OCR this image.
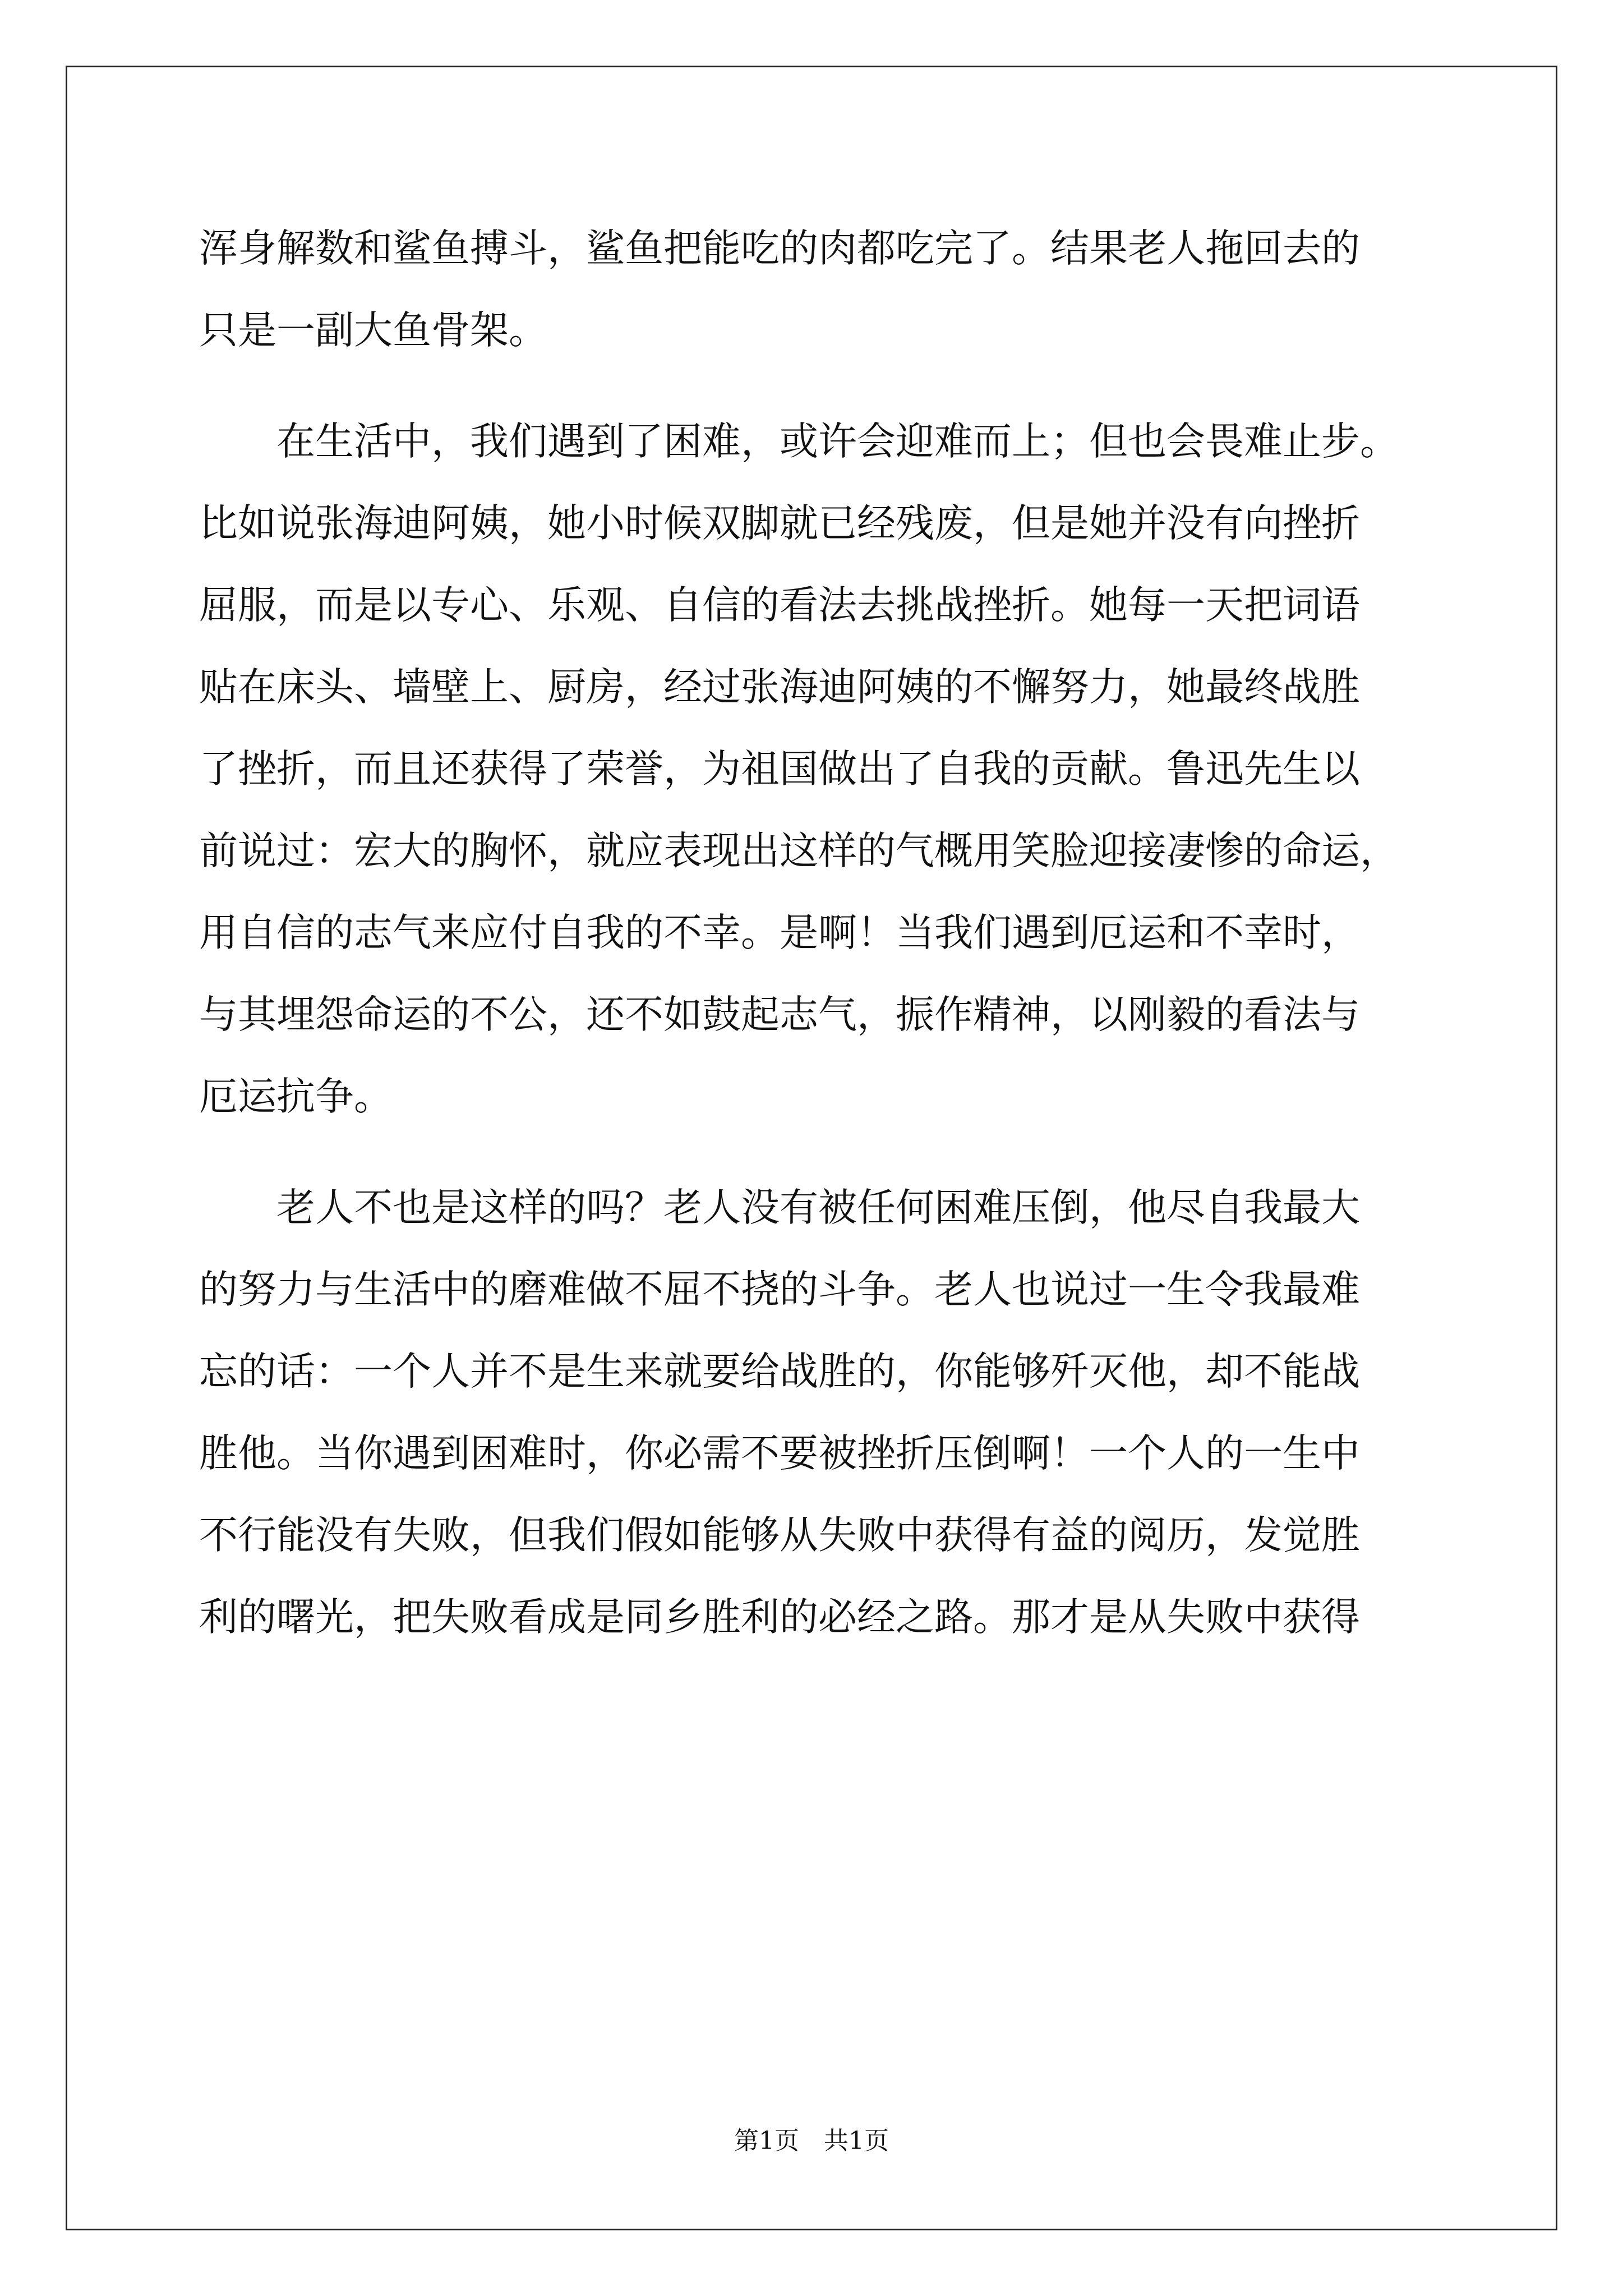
浑身解数和鲨鱼搏斗，鲨鱼把能吃的肉都吃完了。结果老人拖回去的

只是一副大鱼骨架。

在生活中，我们遇到了困难，或许会迎难而上；但也会畏难止步。

比如说张海迪阿姨，她小时候双脚就已经残废，但是她并没有向挫折

屈服，而是以专心、乐观、自信的看法去挑战挫折。她每一天把词语

贴在床头、墙壁上、厨房，经过张海迪阿姨的不懈努力，她最终战胜

了挫折，而且还获得了荣誉，为祖国做出了自我的贡献。鲁迅先生以

前说过：宏大的胸怀，就应表现出这样的气概用笑脸迎接凄惨的命运，

用自信的志气来应付自我的不幸。是啊！当我们遇到厄运和不幸时，

与其埋怨命运的不公，还不如鼓起志气，振作精神，以刚毅的看法与

厄运抗争。

老人不也是这样的吗？老人没有被任何困难压倒，他尽自我最大

的努力与生活中的磨难做不屈不挠的斗争。老人也说过一生令我最难

忘的话：一个人并不是生来就要给战胜的，你能够歼灭他，却不能战

胜他。当你遇到困难时，你必需不要被挫折压倒啊！一个人的一生中

不行能没有失败，但我们假如能够从失败中获得有益的阅历，发觉胜

利的曙光，把失败看成是同乡胜利的必经之路。那才是从失败中获得

第1页　共1页
